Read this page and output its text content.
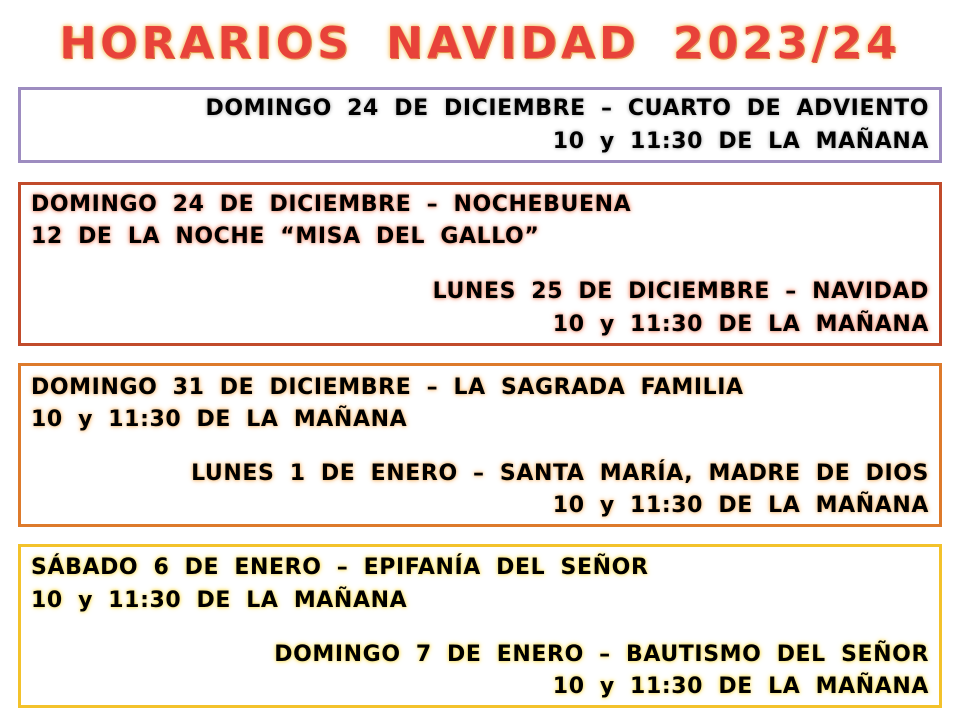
HORARIOS NAVIDAD 2023/24
DOMINGO 24 DE DICIEMBRE – CUARTO DE ADVIENTO
10 y 11:30 DE LA MAÑANA
DOMINGO 24 DE DICIEMBRE – NOCHEBUENA
12 DE LA NOCHE “MISA DEL GALLO”
LUNES 25 DE DICIEMBRE – NAVIDAD
10 y 11:30 DE LA MAÑANA
DOMINGO 31 DE DICIEMBRE – LA SAGRADA FAMILIA
10 y 11:30 DE LA MAÑANA
LUNES 1 DE ENERO – SANTA MARÍA, MADRE DE DIOS
10 y 11:30 DE LA MAÑANA
SÁBADO 6 DE ENERO – EPIFANÍA DEL SEÑOR
10 y 11:30 DE LA MAÑANA
DOMINGO 7 DE ENERO – BAUTISMO DEL SEÑOR
10 y 11:30 DE LA MAÑANA
